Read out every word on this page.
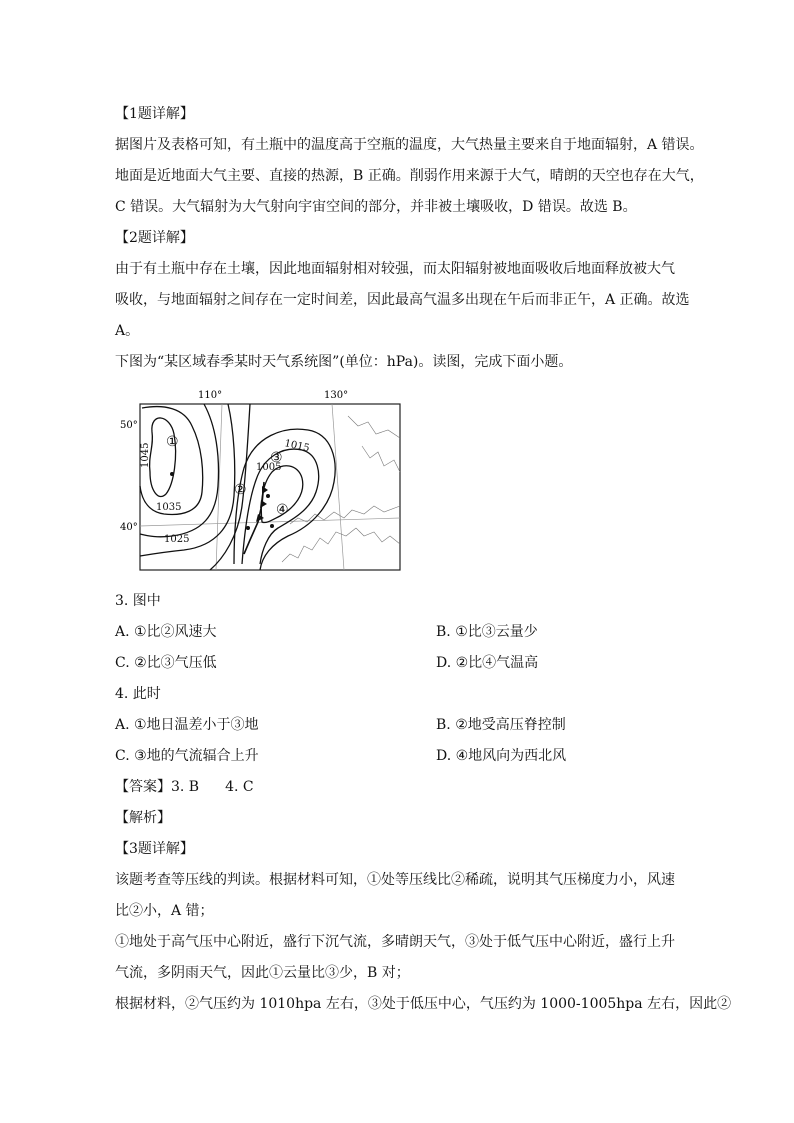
【1题详解】
据图片及表格可知，有土瓶中的温度高于空瓶的温度，大气热量主要来自于地面辐射，A 错误。
地面是近地面大气主要、直接的热源，B 正确。削弱作用来源于大气，晴朗的天空也存在大气，
C 错误。大气辐射为大气射向宇宙空间的部分，并非被土壤吸收，D 错误。故选 B。
【2题详解】
由于有土瓶中存在土壤，因此地面辐射相对较强，而太阳辐射被地面吸收后地面释放被大气
吸收，与地面辐射之间存在一定时间差，因此最高气温多出现在午后而非正午，A 正确。故选
A。
下图为“某区域春季某时天气系统图”(单位：hPa)。读图，完成下面小题。
110°	130°
50°
40°
1045
1035
1025
1015
1005
①
②
③
④
3. 图中
A. ①比②风速大	B. ①比③云量少
C. ②比③气压低	D. ②比④气温高
4. 此时
A. ①地日温差小于③地	B. ②地受高压脊控制
C. ③地的气流辐合上升	D. ④地风向为西北风
【答案】3. B 4. C
【解析】
【3题详解】
该题考查等压线的判读。根据材料可知，①处等压线比②稀疏，说明其气压梯度力小，风速
比②小，A 错；
①地处于高气压中心附近，盛行下沉气流，多晴朗天气，③处于低气压中心附近，盛行上升
气流，多阴雨天气，因此①云量比③少，B 对；
根据材料，②气压约为 1010hpa 左右，③处于低压中心，气压约为 1000-1005hpa 左右，因此②
